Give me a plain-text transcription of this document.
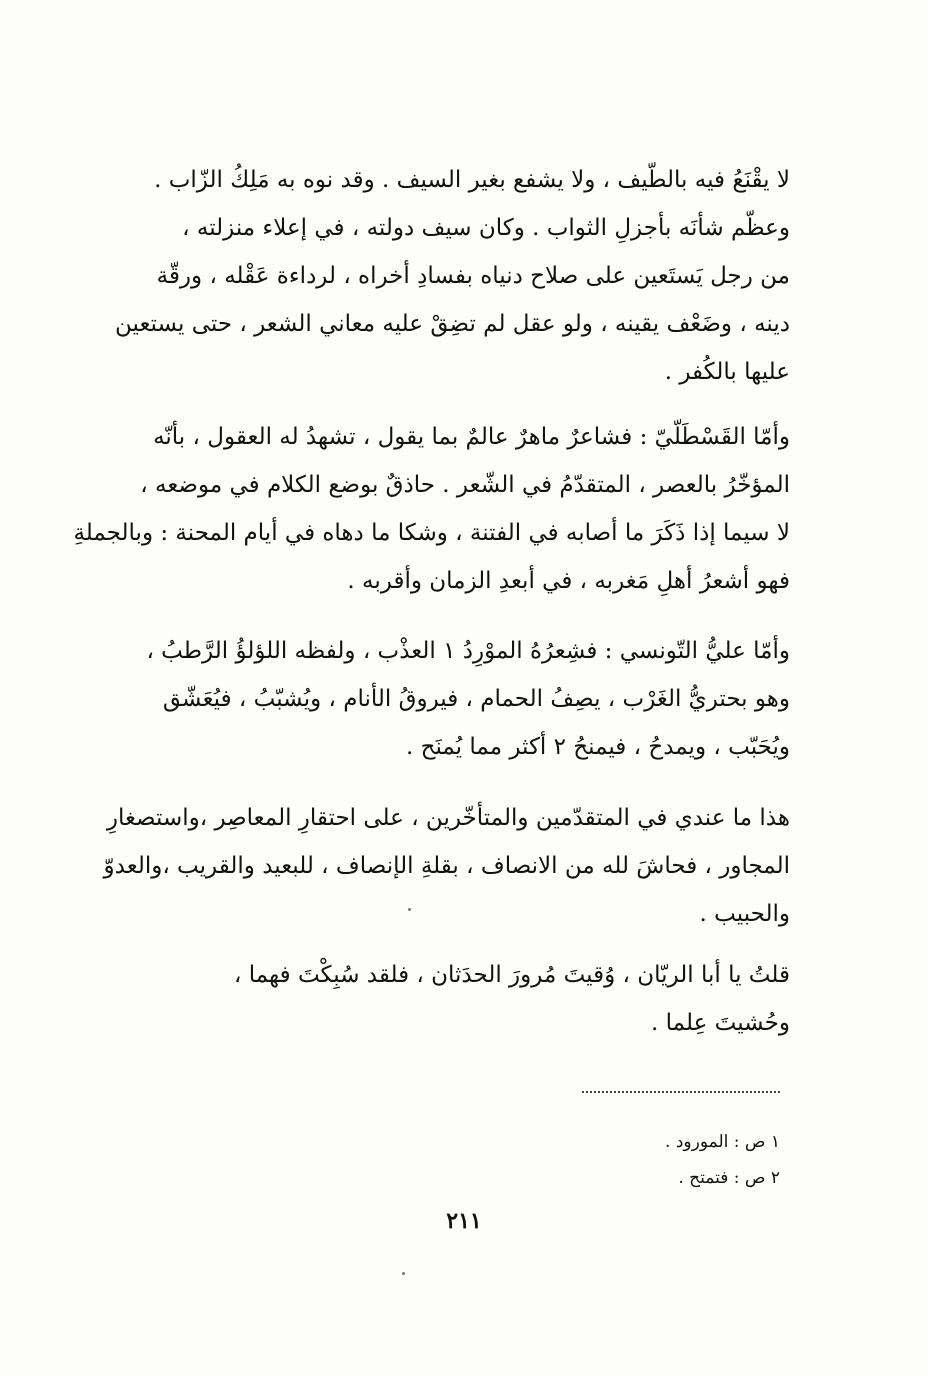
لا يقْنَعُ فيه بالطّيف ، ولا يشفع بغير السيف . وقد نوه به مَلِكُ الزّاب .
وعظّم شأنَه بأجزلِ الثواب . وكان سيف دولته ، في إعلاء منزلته ،
من رجل يَستَعين على صلاح دنياه بفسادِ أخراه ، لرداءة عَقْله ، ورقّة
دينه ، وضَعْف يقينه ، ولو عقل لم تضِقْ عليه معاني الشعر ، حتى يستعين
عليها بالكُفر .
وأمّا القَسْطَلّيّ : فشاعرٌ ماهرٌ عالمٌ بما يقول ، تشهدُ له العقول ، بأنّه
المؤخّرُ بالعصر ، المتقدّمُ في الشّعر . حاذقٌ بوضع الكلام في موضعه ،
لا سيما إذا ذَكَرَ ما أصابه في الفتنة ، وشكا ما دهاه في أيام المحنة : وبالجملةِ
فهو أشعرُ أهلِ مَغربه ، في أبعدِ الزمان وأقربه .
وأمّا عليُّ التّونسي : فشِعرُهُ الموْرِدُ ١ العذْب ، ولفظه اللؤلؤُ الرَّطبُ ،
وهو بحتريُّ الغَرْب ، يصِفُ الحمام ، فيروقُ الأنام ، ويُشبّبُ ، فيُعَشّق
ويُحَبّب ، ويمدحُ ، فيمنحُ ٢ أكثر مما يُمنَح .
هذا ما عندي في المتقدّمين والمتأخّرين ، على احتقارِ المعاصِر ،واستصغارِ
المجاور ، فحاشَ لله من الانصاف ، بقلةِ الإنصاف ، للبعيد والقريب ،والعدوّ
والحبيب .
قلتُ يا أبا الريّان ، وُقيتَ مُرورَ الحدَثان ، فلقد سُبِكْتَ فهما ،
وحُشيتَ عِلما .
١ ص : المورود .
٢ ص : فتمتح .
٢١١
